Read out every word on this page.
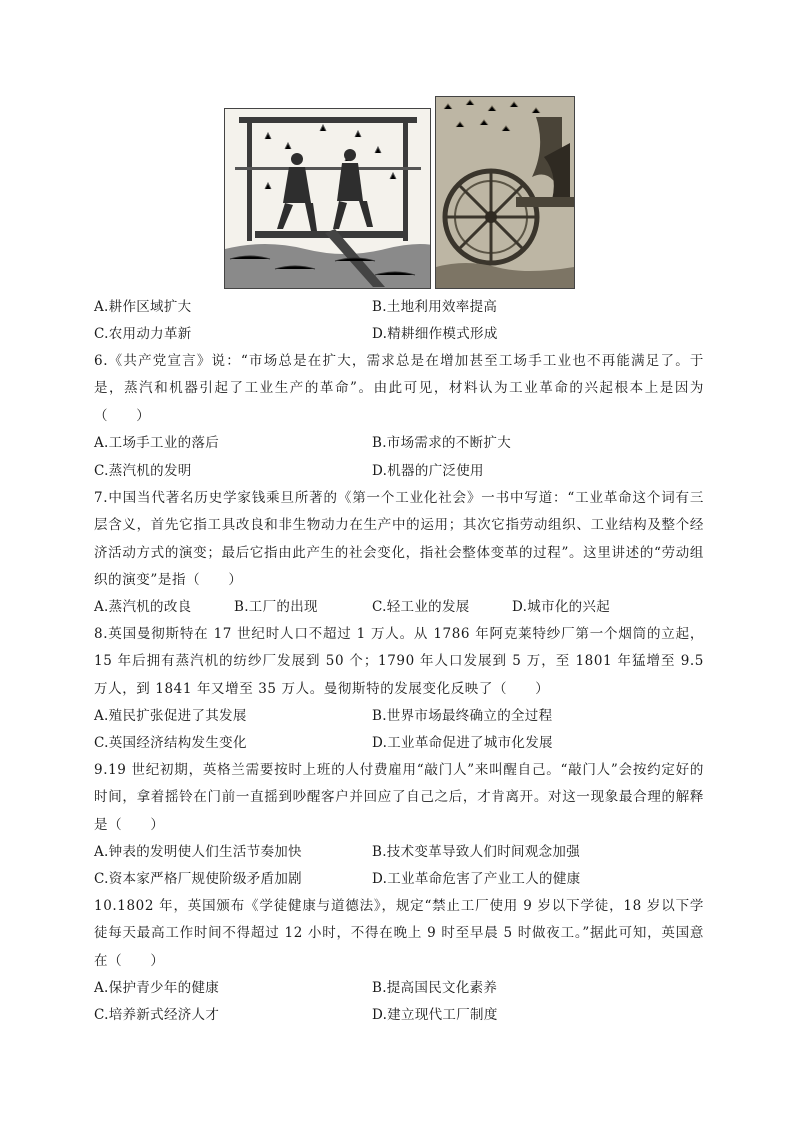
A.耕作区域扩大	B.土地利用效率提高
C.农用动力革新	D.精耕细作模式形成
6.《共产党宣言》说：“市场总是在扩大，需求总是在增加甚至工场手工业也不再能满足了。于是，蒸汽和机器引起了工业生产的革命”。由此可见，材料认为工业革命的兴起根本上是因为（　　）
A.工场手工业的落后	B.市场需求的不断扩大
C.蒸汽机的发明	D.机器的广泛使用
7.中国当代著名历史学家钱乘旦所著的《第一个工业化社会》一书中写道：“工业革命这个词有三层含义，首先它指工具改良和非生物动力在生产中的运用；其次它指劳动组织、工业结构及整个经济活动方式的演变；最后它指由此产生的社会变化，指社会整体变革的过程”。这里讲述的“劳动组织的演变”是指（　　）
A.蒸汽机的改良	B.工厂的出现	C.轻工业的发展	D.城市化的兴起
8.英国曼彻斯特在 17 世纪时人口不超过 1 万人。从 1786 年阿克莱特纱厂第一个烟筒的立起，15 年后拥有蒸汽机的纺纱厂发展到 50 个；1790 年人口发展到 5 万，至 1801 年猛增至 9.5 万人，到 1841 年又增至 35 万人。曼彻斯特的发展变化反映了（　　）
A.殖民扩张促进了其发展	B.世界市场最终确立的全过程
C.英国经济结构发生变化	D.工业革命促进了城市化发展
9.19 世纪初期，英格兰需要按时上班的人付费雇用“敲门人”来叫醒自己。“敲门人”会按约定好的时间，拿着摇铃在门前一直摇到吵醒客户并回应了自己之后，才肯离开。对这一现象最合理的解释是（　　）
A.钟表的发明使人们生活节奏加快	B.技术变革导致人们时间观念加强
C.资本家严格厂规使阶级矛盾加剧	D.工业革命危害了产业工人的健康
10.1802 年，英国颁布《学徒健康与道德法》，规定“禁止工厂使用 9 岁以下学徒，18 岁以下学徒每天最高工作时间不得超过 12 小时，不得在晚上 9 时至早晨 5 时做夜工。”据此可知，英国意在（　　）
A.保护青少年的健康	B.提高国民文化素养
C.培养新式经济人才	D.建立现代工厂制度
